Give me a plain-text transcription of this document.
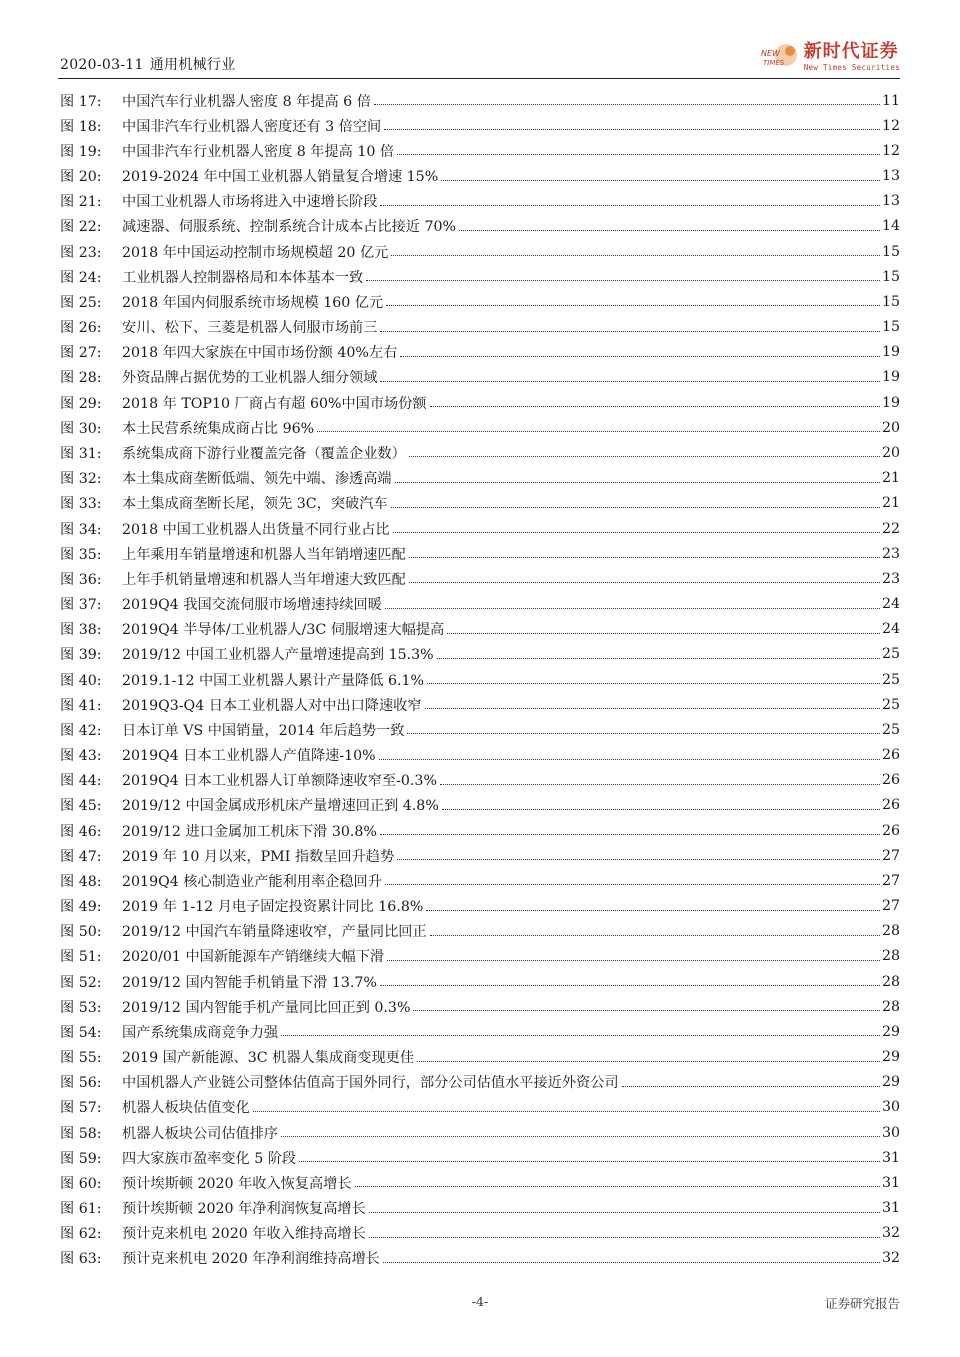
2020-03-11 通用机械行业
NEW
TIMES
新时代证券
New Times Securities
图 17:	中国汽车行业机器人密度 8 年提高 6 倍	11
图 18:	中国非汽车行业机器人密度还有 3 倍空间	12
图 19:	中国非汽车行业机器人密度 8 年提高 10 倍	12
图 20:	2019-2024 年中国工业机器人销量复合增速 15%	13
图 21:	中国工业机器人市场将进入中速增长阶段	13
图 22:	减速器、伺服系统、控制系统合计成本占比接近 70%	14
图 23:	2018 年中国运动控制市场规模超 20 亿元	15
图 24:	工业机器人控制器格局和本体基本一致	15
图 25:	2018 年国内伺服系统市场规模 160 亿元	15
图 26:	安川、松下、三菱是机器人伺服市场前三	15
图 27:	2018 年四大家族在中国市场份额 40%左右	19
图 28:	外资品牌占据优势的工业机器人细分领域	19
图 29:	2018 年 TOP10 厂商占有超 60%中国市场份额	19
图 30:	本土民营系统集成商占比 96%	20
图 31:	系统集成商下游行业覆盖完备（覆盖企业数）	20
图 32:	本土集成商垄断低端、领先中端、渗透高端	21
图 33:	本土集成商垄断长尾，领先 3C，突破汽车	21
图 34:	2018 中国工业机器人出货量不同行业占比	22
图 35:	上年乘用车销量增速和机器人当年销增速匹配	23
图 36:	上年手机销量增速和机器人当年增速大致匹配	23
图 37:	2019Q4 我国交流伺服市场增速持续回暖	24
图 38:	2019Q4 半导体/工业机器人/3C 伺服增速大幅提高	24
图 39:	2019/12 中国工业机器人产量增速提高到 15.3%	25
图 40:	2019.1-12 中国工业机器人累计产量降低 6.1%	25
图 41:	2019Q3-Q4 日本工业机器人对中出口降速收窄	25
图 42:	日本订单 VS 中国销量，2014 年后趋势一致	25
图 43:	2019Q4 日本工业机器人产值降速-10%	26
图 44:	2019Q4 日本工业机器人订单额降速收窄至-0.3%	26
图 45:	2019/12 中国金属成形机床产量增速回正到 4.8%	26
图 46:	2019/12 进口金属加工机床下滑 30.8%	26
图 47:	2019 年 10 月以来，PMI 指数呈回升趋势	27
图 48:	2019Q4 核心制造业产能利用率企稳回升	27
图 49:	2019 年 1-12 月电子固定投资累计同比 16.8%	27
图 50:	2019/12 中国汽车销量降速收窄，产量同比回正	28
图 51:	2020/01 中国新能源车产销继续大幅下滑	28
图 52:	2019/12 国内智能手机销量下滑 13.7%	28
图 53:	2019/12 国内智能手机产量同比回正到 0.3%	28
图 54:	国产系统集成商竞争力强	29
图 55:	2019 国产新能源、3C 机器人集成商变现更佳	29
图 56:	中国机器人产业链公司整体估值高于国外同行，部分公司估值水平接近外资公司	29
图 57:	机器人板块估值变化	30
图 58:	机器人板块公司估值排序	30
图 59:	四大家族市盈率变化 5 阶段	31
图 60:	预计埃斯顿 2020 年收入恢复高增长	31
图 61:	预计埃斯顿 2020 年净利润恢复高增长	31
图 62:	预计克来机电 2020 年收入维持高增长	32
图 63:	预计克来机电 2020 年净利润维持高增长	32
-4-	证券研究报告
